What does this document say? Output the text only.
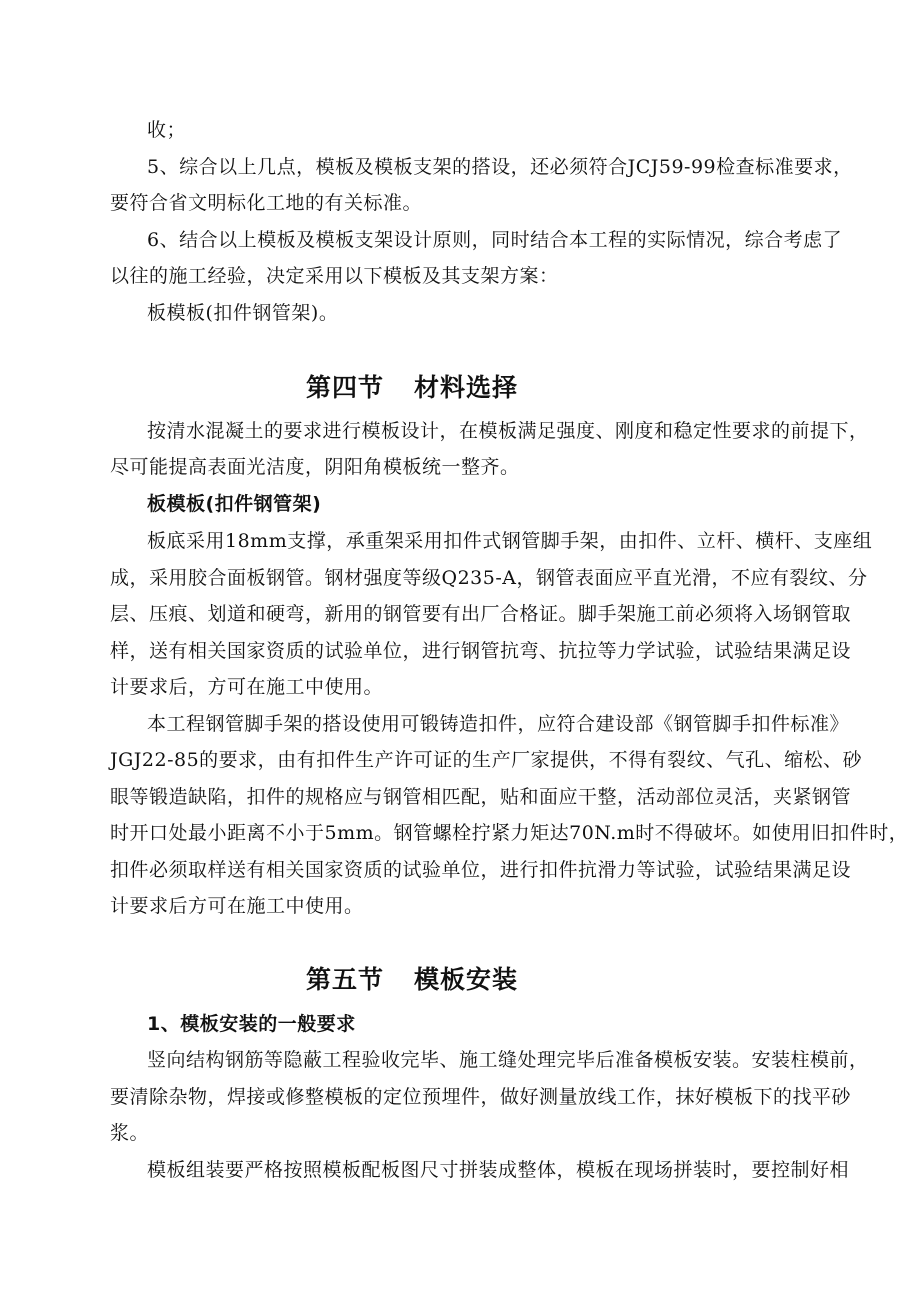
收；
5、综合以上几点，模板及模板支架的搭设，还必须符合JCJ59-99检查标准要求，
要符合省文明标化工地的有关标准。
6、结合以上模板及模板支架设计原则，同时结合本工程的实际情况，综合考虑了
以往的施工经验，决定采用以下模板及其支架方案：
板模板(扣件钢管架)。
第四节 材料选择
按清水混凝土的要求进行模板设计，在模板满足强度、刚度和稳定性要求的前提下，
尽可能提高表面光洁度，阴阳角模板统一整齐。
板模板(扣件钢管架)
板底采用18mm支撑，承重架采用扣件式钢管脚手架，由扣件、立杆、横杆、支座组
成，采用胶合面板钢管。钢材强度等级Q235-A，钢管表面应平直光滑，不应有裂纹、分
层、压痕、划道和硬弯，新用的钢管要有出厂合格证。脚手架施工前必须将入场钢管取
样，送有相关国家资质的试验单位，进行钢管抗弯、抗拉等力学试验，试验结果满足设
计要求后，方可在施工中使用。
本工程钢管脚手架的搭设使用可锻铸造扣件，应符合建设部《钢管脚手扣件标准》
JGJ22-85的要求，由有扣件生产许可证的生产厂家提供，不得有裂纹、气孔、缩松、砂
眼等锻造缺陷，扣件的规格应与钢管相匹配，贴和面应干整，活动部位灵活，夹紧钢管
时开口处最小距离不小于5mm。钢管螺栓拧紧力矩达70N.m时不得破坏。如使用旧扣件时，
扣件必须取样送有相关国家资质的试验单位，进行扣件抗滑力等试验，试验结果满足设
计要求后方可在施工中使用。
第五节 模板安装
1、模板安装的一般要求
竖向结构钢筋等隐蔽工程验收完毕、施工缝处理完毕后准备模板安装。安装柱模前，
要清除杂物，焊接或修整模板的定位预埋件，做好测量放线工作，抹好模板下的找平砂
浆。
模板组装要严格按照模板配板图尺寸拼装成整体，模板在现场拼装时，要控制好相
